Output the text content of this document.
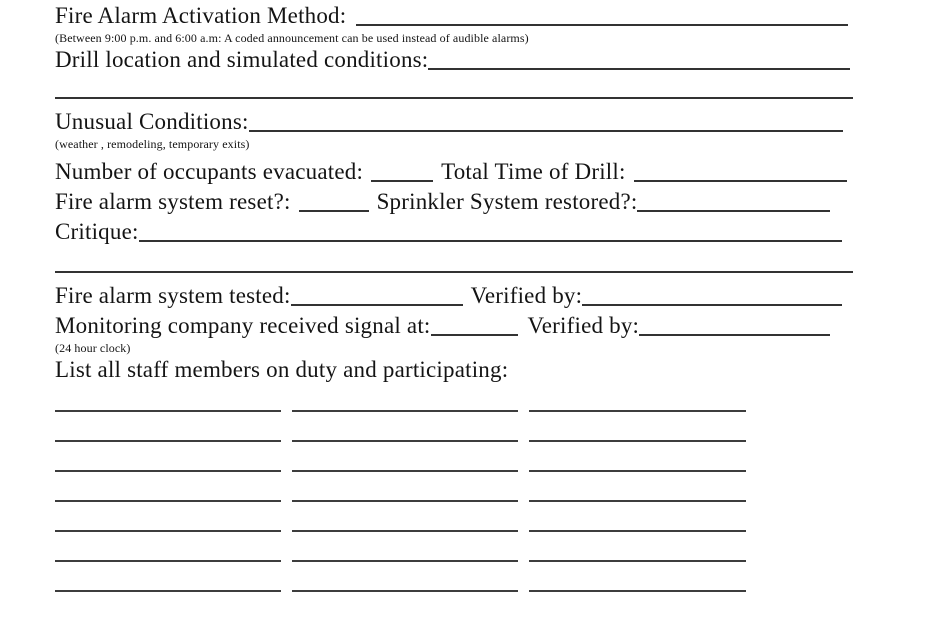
Fire Alarm Activation Method:
(Between 9:00 p.m. and 6:00 a.m: A coded announcement can be used instead of audible alarms)
Drill location and simulated conditions:
Unusual Conditions:
(weather , remodeling, temporary exits)
Number of occupants evacuated:	Total Time of Drill:
Fire alarm system reset?:	Sprinkler System restored?:
Critique:
Fire alarm system tested:	Verified by:
Monitoring company received signal at:	Verified by:
(24 hour clock)
List all staff members on duty and participating:
